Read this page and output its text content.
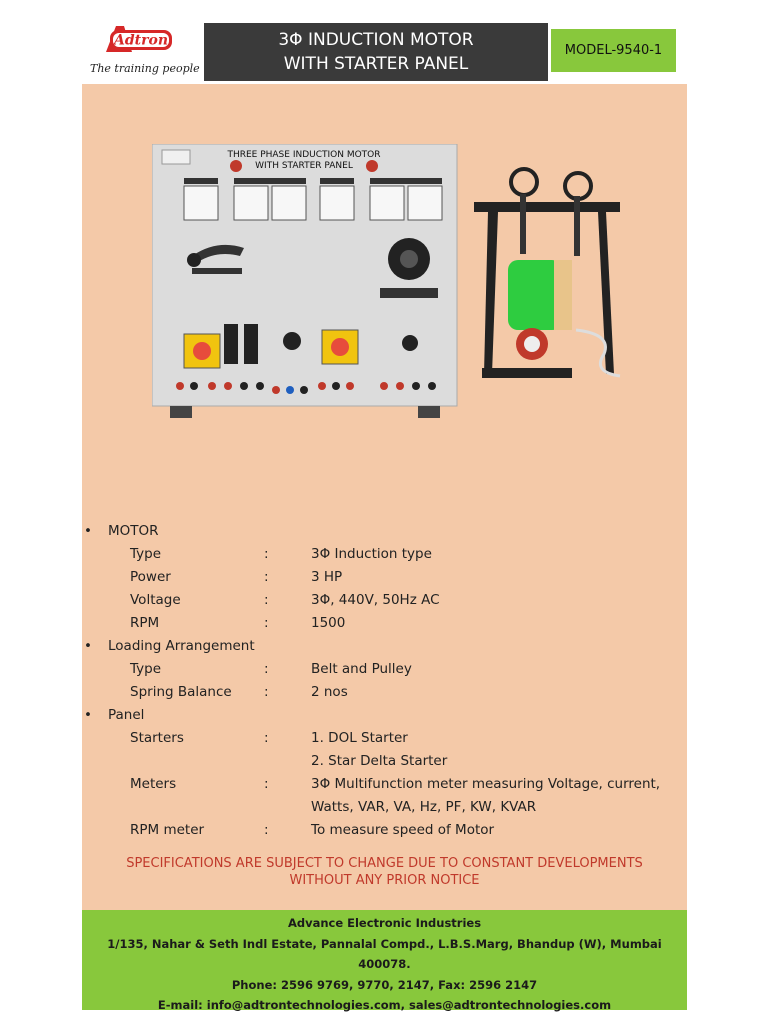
Adtron
The training people
3Φ INDUCTION MOTOR
WITH STARTER PANEL
MODEL-9540-1
THREE PHASE INDUCTION MOTOR
WITH STARTER PANEL
• MOTOR
Type	:	3Φ Induction type
Power	:	3 HP
Voltage	:	3Φ, 440V, 50Hz AC
RPM	:	1500
• Loading Arrangement
Type	:	Belt and Pulley
Spring Balance :	2 nos
• Panel
Starters	:	1. DOL Starter
2. Star Delta Starter
Meters	:	3Φ Multifunction meter measuring Voltage, current,
Watts, VAR, VA, Hz, PF, KW, KVAR
RPM meter	:	To measure speed of Motor
SPECIFICATIONS ARE SUBJECT TO CHANGE DUE TO CONSTANT DEVELOPMENTS
WITHOUT ANY PRIOR NOTICE
Advance Electronic Industries
1/135, Nahar & Seth Indl Estate, Pannalal Compd., L.B.S.Marg, Bhandup (W), Mumbai 400078.
Phone: 2596 9769, 9770, 2147, Fax: 2596 2147
E-mail: info@adtrontechnologies.com, sales@adtrontechnologies.com
